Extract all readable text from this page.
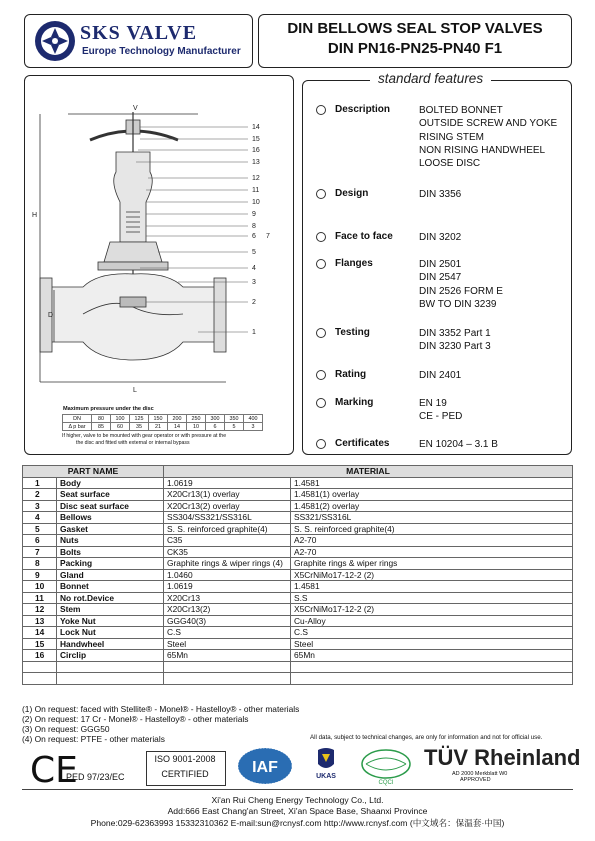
SKS VALVE
Europe Technology Manufacturer
DIN BELLOWS SEAL STOP VALVES
DIN PN16-PN25-PN40 F1
14
15
16
13
12
11
10
9
8
6 7
5
4
3
2
1
V
H
D
L
Maximum pressure under the disc
DN	80	100	125	150	200	250	300	350	400
Δ p bar	85	60	35	21	14	10	6	5	3
If higher, valve to be mounted with gear operator or with pressure at the
the disc and fitted with external or internal bypass
standard features
Description	BOLTED BONNET
OUTSIDE SCREW AND YOKE
RISING STEM
NON RISING HANDWHEEL
LOOSE DISC
Design	DIN 3356
Face to face	DIN 3202
Flanges	DIN 2501
DIN 2547
DIN 2526 FORM E
BW TO DIN 3239
Testing	DIN 3352 Part 1
DIN 3230 Part 3
Rating	DIN 2401
Marking	EN 19
CE - PED
Certificates	EN 10204 – 3.1 B
PART NAME		MATERIAL	
1	Body	1.0619	1.4581
2	Seat surface	X20Cr13(1) overlay	1.4581(1) overlay
3	Disc seat surface	X20Cr13(2) overlay	1.4581(2) overlay
4	Bellows	SS304/SS321/SS316L	SS321/SS316L
5	Gasket	S. S. reinforced graphite(4)	S. S. reinforced graphite(4)
6	Nuts	C35	A2-70
7	Bolts	CK35	A2-70
8	Packing	Graphite rings & wiper rings (4)	Graphite rings & wiper rings
9	Gland	1.0460	X5CrNiMo17-12-2 (2)
10	Bonnet	1.0619	1.4581
11	No rot.Device	X20Cr13	S.S
12	Stem	X20Cr13(2)	X5CrNiMo17-12-2 (2)
13	Yoke Nut	GGG40(3)	Cu-Alloy
14	Lock Nut	C.S	C.S
15	Handwheel	Steel	Steel
16	Circlip	65Mn	65Mn

(1) On request: faced with Stellite® - Monel® - Hastelloy® - other materials
(2) On request: 17 Cr - Monel® - Hastelloy® - other materials
(3) On request: GGG50
(4) On request: PTFE - other materials	All data, subject to technical changes, are only for information and not for official use.
CE
PED 97/23/EC
ISO 9001-2008
CERTIFIED	IAF
UKAS
CQCI
TÜV Rheinland
AD 2000 Merkblatt W0
APPROVED
Xi'an Rui Cheng Energy Technology Co., Ltd.
Add:666 East Chang'an Street, Xi'an Space Base, Shaanxi Province
Phone:029-62363993 15332310362 E-mail:sun@rcnysf.com http://www.rcnysf.com (中文域名：保温套·中国)
